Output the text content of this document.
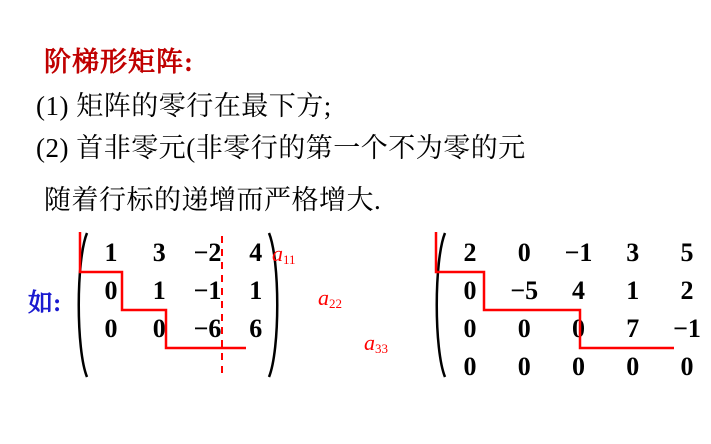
阶梯形矩阵:
(1) 矩阵的零行在最下方;
(2) 首非零元(非零行的第一个不为零的元
随着行标的递增而严格增大.
如:
1 3 −2 4
0 1 −1 1
0 0 −6 6
2 0 −1 3 5
0 −5 4 1 2
0 0 0 7 −1
0 0 0 0 0
$a_{11}$
$a_{22}$
$a_{33}$
